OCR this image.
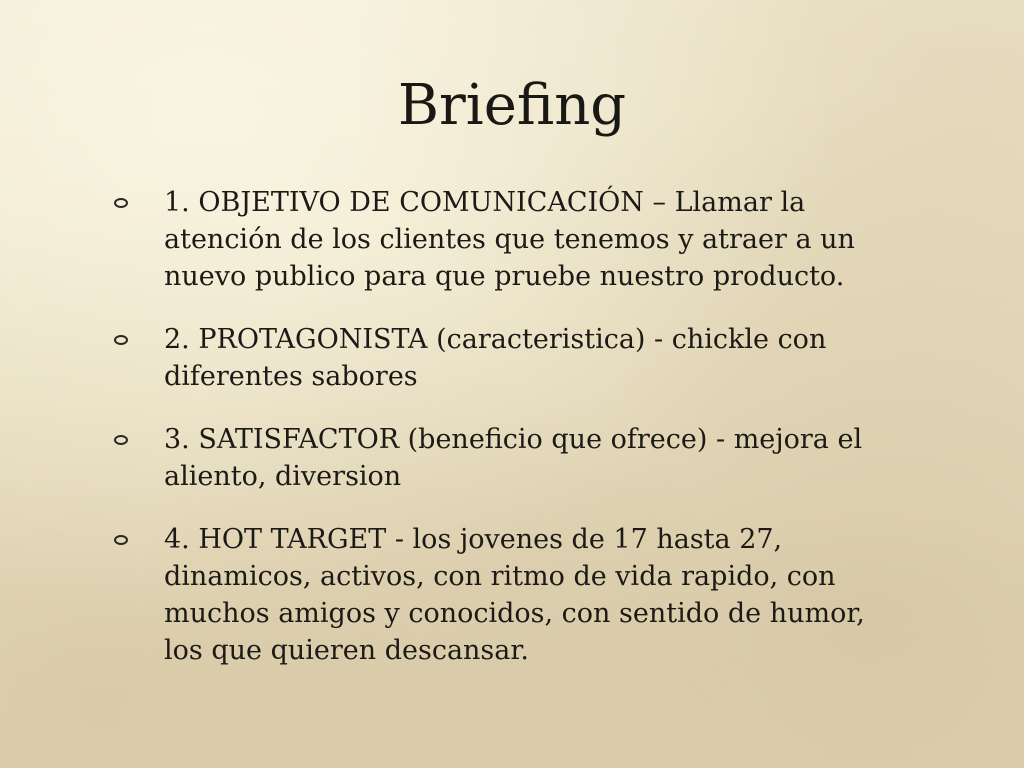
Briefing
1. OBJETIVO DE COMUNICACIÓN – Llamar la atención de los clientes que tenemos y atraer a un nuevo publico para que pruebe nuestro producto.
2. PROTAGONISTA (caracteristica) - chickle con diferentes sabores
3. SATISFACTOR (beneficio que ofrece) - mejora el aliento, diversion
4. HOT TARGET - los jovenes de 17 hasta 27, dinamicos, activos, con ritmo de vida rapido, con muchos amigos y conocidos, con sentido de humor, los que quieren descansar.
